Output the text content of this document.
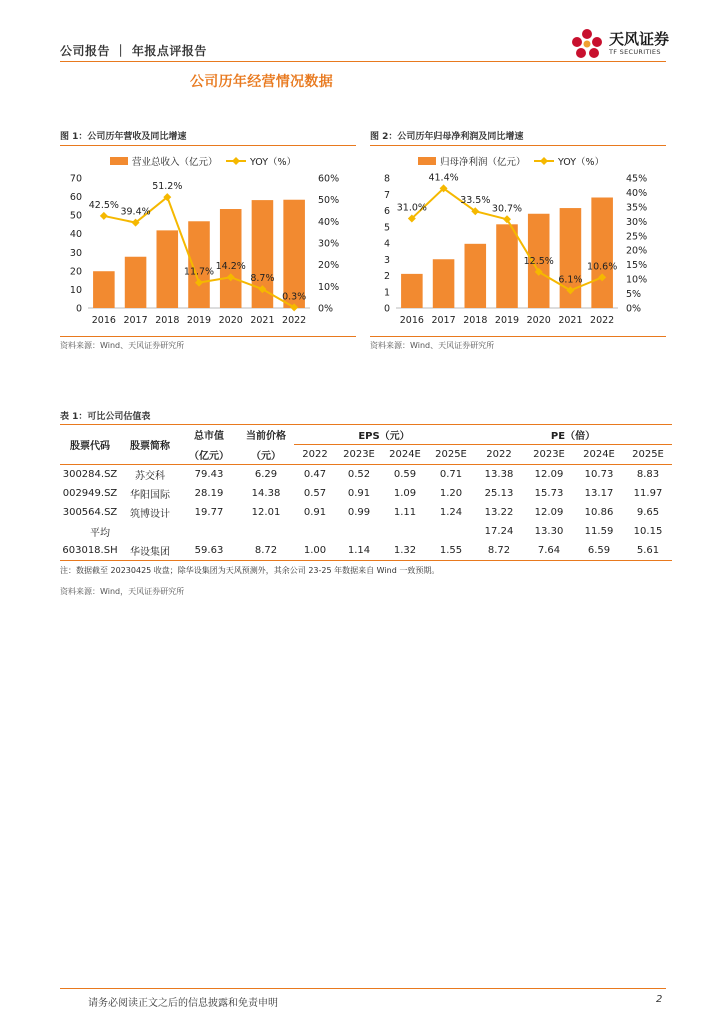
公司报告 ｜ 年报点评报告
天风证券
TF SECURITIES
公司历年经营情况数据
图 1：公司历年营收及同比增速
营业总收入（亿元）	YOY（%）
0
10
20
30
40
50
60
70
0%
10%
20%
30%
40%
50%
60%
2016 2017 2018 2019 2020 2021 2022
42.5%
39.4%
51.2%
11.7% 14.2%
8.7%
0.3%
资料来源：Wind、天风证券研究所
图 2：公司历年归母净利润及同比增速
归母净利润（亿元）	YOY（%）
0
1
2
3
4
5
6
7
8
0%
5%
10%
15%
20%
25%
30%
35%
40%
45%
2016 2017 2018 2019 2020 2021 2022
31.0%
41.4%
33.5%
30.7%
12.5%
6.1%
10.6%
资料来源：Wind、天风证券研究所
表 1：可比公司估值表
股票代码	股票简称	总市值	当前价格	EPS（元）				PE（倍）			
		（亿元）	（元）	2022	2023E	2024E	2025E	2022	2023E	2024E	2025E
300284.SZ	苏交科	79.43	6.29	0.47	0.52	0.59	0.71	13.38	12.09	10.73	8.83
002949.SZ	华阳国际	28.19	14.38	0.57	0.91	1.09	1.20	25.13	15.73	13.17	11.97
300564.SZ	筑博设计	19.77	12.01	0.91	0.99	1.11	1.24	13.22	12.09	10.86	9.65
平均								17.24	13.30	11.59	10.15
603018.SH	华设集团	59.63	8.72	1.00	1.14	1.32	1.55	8.72	7.64	6.59	5.61
注：数据截至 20230425 收盘；除华设集团为天风预测外，其余公司 23-25 年数据来自 Wind 一致预期。
资料来源：Wind，天风证券研究所
请务必阅读正文之后的信息披露和免责申明	2
